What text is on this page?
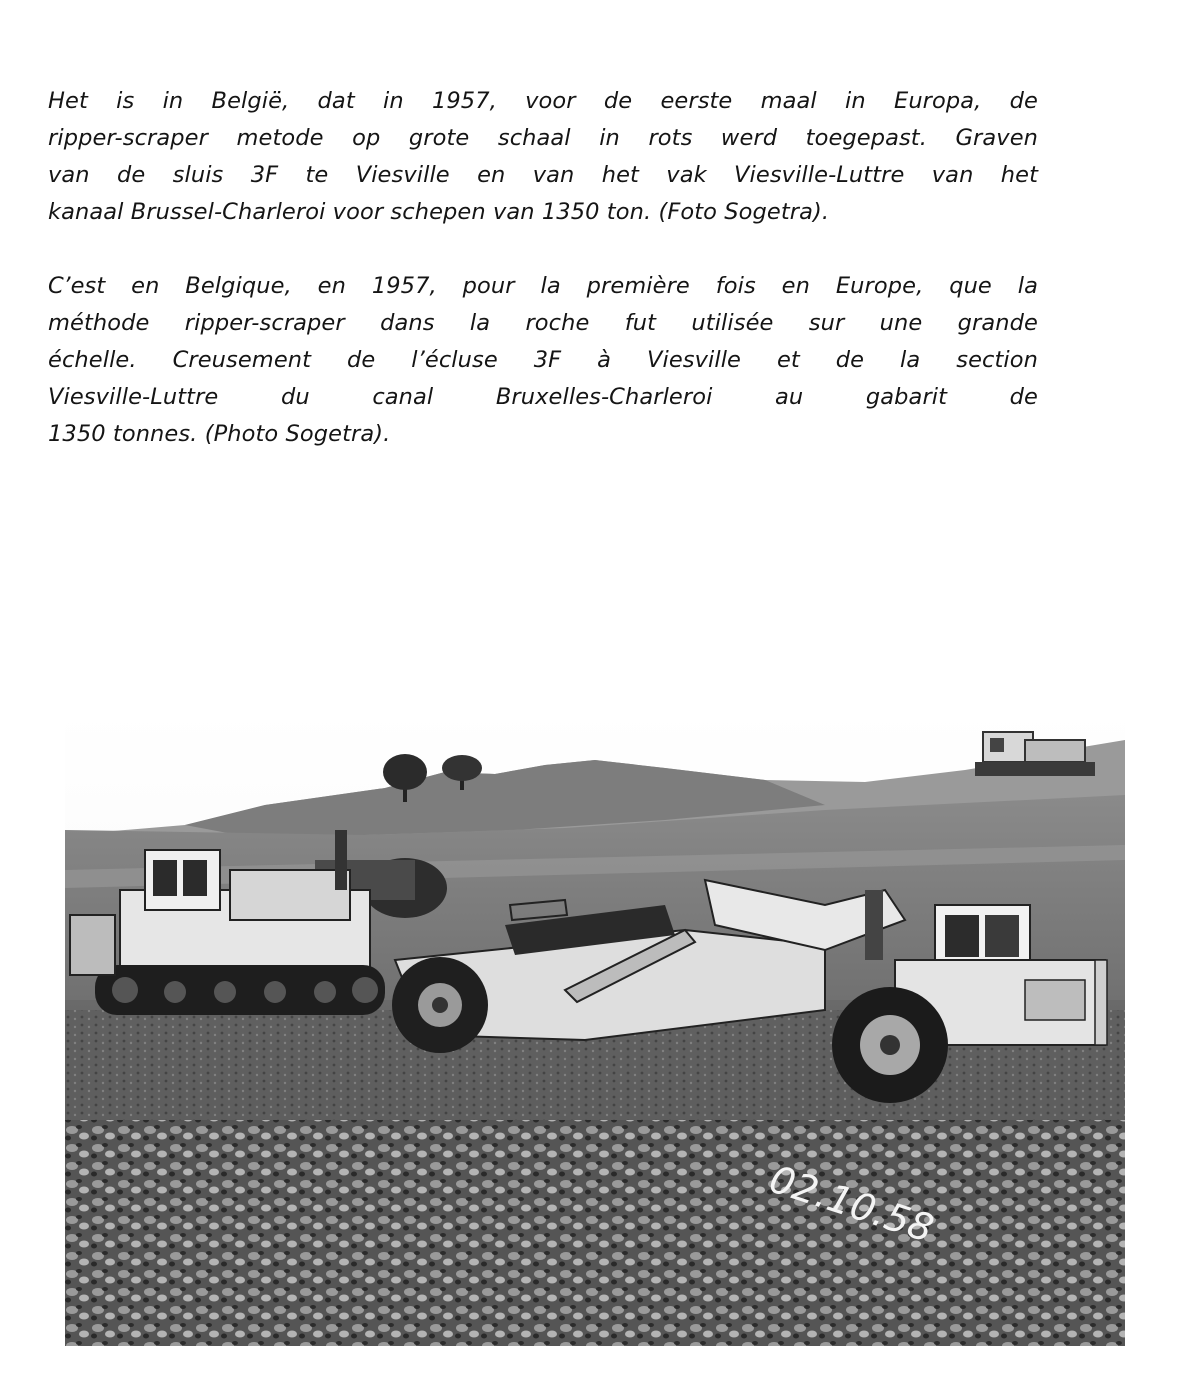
Het is in België, dat in 1957, voor de eerste maal in Europa, de
ripper-scraper metode op grote schaal in rots werd toegepast. Graven
van de sluis 3F te Viesville en van het vak Viesville-Luttre van het
kanaal Brussel-Charleroi voor schepen van 1350 ton. (Foto Sogetra).

C’est en Belgique, en 1957, pour la première fois en Europe, que la
méthode ripper-scraper dans la roche fut utilisée sur une grande
échelle. Creusement de l’écluse 3F à Viesville et de la section
Viesville-Luttre du canal Bruxelles-Charleroi au gabarit de
1350 tonnes. (Photo Sogetra).

02.10.58
